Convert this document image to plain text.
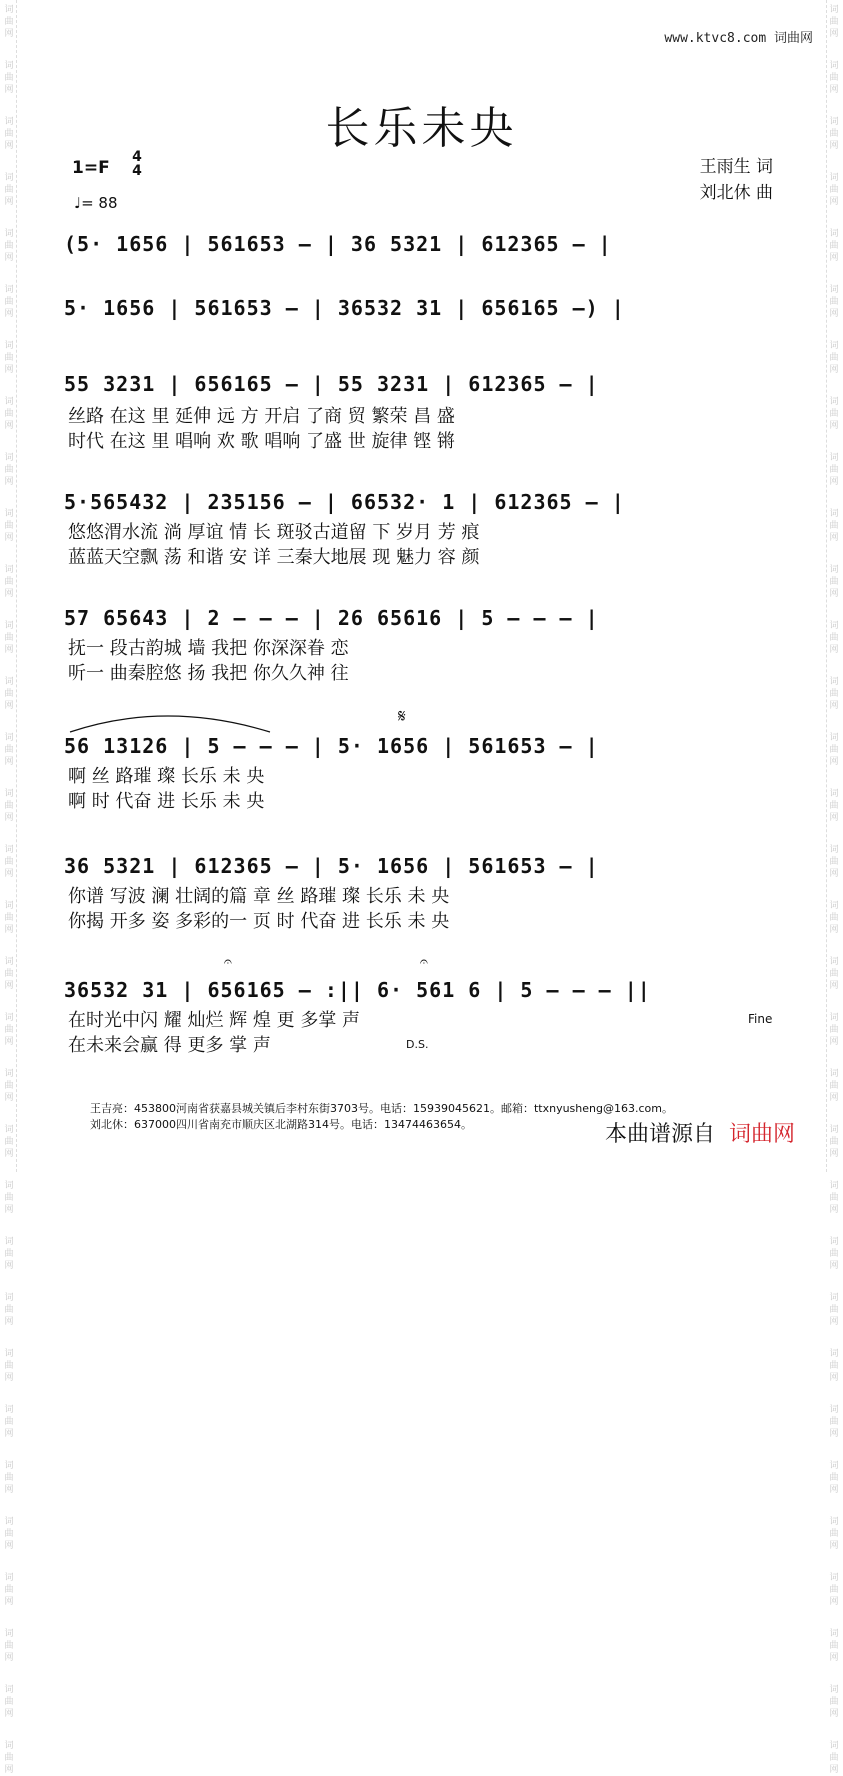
词
曲
网
词
曲
网
词
曲
网
词
曲
网
词
曲
网
词
曲
网
词
曲
网
词
曲
网
词
曲
网
词
曲
网
词
曲
网
词
曲
网
词
曲
网
词
曲
网
词
曲
网
词
曲
网
词
曲
网
词
曲
网
词
曲
网
词
曲
网
词
曲
网
词
曲
网
词
曲
网
词
曲
网
词
曲
网
词
曲
网
词
曲
网
词
曲
网
词
曲
网
词
曲
网
词
曲
网
词
曲
网
词
曲
网
词
曲
网
词
曲
网
词
曲
网
词
曲
网
词
曲
网
词
曲
网
词
曲
网
词
曲
网
词
曲
网
词
曲
网
词
曲
网
词
曲
网
词
曲
网
词
曲
网
词
曲
网
词
曲
网
词
曲
网
词
曲
网
词
曲
网
词
曲
网
词
曲
网
词
曲
网
词
曲
网
词
曲
网
词
曲
网
词
曲
网
词
曲
网
词
曲
网
词
曲
网
词
曲
网
词
曲
网
www.ktvc8.com 词曲网
长乐未央
1=F
4
4
♩= 88
王雨生 词
刘北休 曲
(5· 1656 | 561653 – | 36 5321 | 612365 – |
5· 1656 | 561653 – | 36532 31 | 656165 –) |
55 3231 | 656165 – | 55 3231 | 612365 – |
丝路 在这 里 延伸 远 方 开启 了商 贸 繁荣 昌 盛
时代 在这 里 唱响 欢 歌 唱响 了盛 世 旋律 铿 锵
5·565432 | 235156 – | 66532· 1 | 612365 – |
悠悠渭水流 淌 厚谊 情 长 斑驳古道留 下 岁月 芳 痕
蓝蓝天空飘 荡 和谐 安 详 三秦大地展 现 魅力 容 颜
57 65643 | 2 – – – | 26 65616 | 5 – – – |
抚一 段古韵城 墙 我把 你深深眷 恋
听一 曲秦腔悠 扬 我把 你久久神 往
56 13126 | 5 – – – | 5· 1656 | 561653 – |
啊 丝 路璀 璨 长乐 未 央
啊 时 代奋 进 长乐 未 央
36 5321 | 612365 – | 5· 1656 | 561653 – |
你谱 写波 澜 壮阔的篇 章 丝 路璀 璨 长乐 未 央
你揭 开多 姿 多彩的一 页 时 代奋 进 长乐 未 央
36532 31 | 656165 – :|| 6· 561 6 | 5 – – – ||
在时光中闪 耀 灿烂 辉 煌 更 多掌 声
在未来会赢 得 更多 掌 声
𝄋
𝄐	𝄐
Fine
D.S.
王吉亮：453800河南省获嘉县城关镇后李村东街3703号。电话：15939045621。邮箱：ttxnyusheng@163.com。
刘北休：637000四川省南充市顺庆区北湖路314号。电话：13474463654。	本曲谱源自 词曲网
